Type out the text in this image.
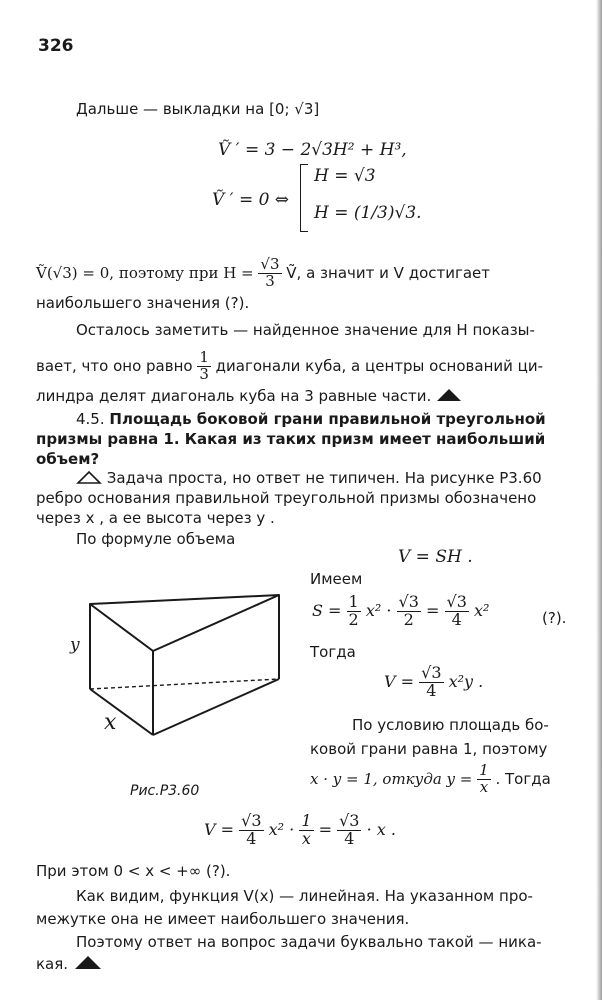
326
Дальше — выкладки на [0; √3]
Ṽ ′ = 3 − 2√3H² + H³,
Ṽ ′ = 0 ⇔
H = √3
H = (1/3)√3.
Ṽ(√3) = 0, поэтому при $H = \frac{√3}{3}$ Ṽ, а значит и V достигает
наибольшего значения (?).
Осталось заметить — найденное значение для H показы-
вает, что оно равно $\frac{1}{3}$ диагонали куба, а центры оснований ци-
линдра делят диагональ куба на 3 равные части.
4.5. Площадь боковой грани правильной треугольной
призмы равна 1. Какая из таких призм имеет наибольший
объем?
Задача проста, но ответ не типичен. На рисунке Р3.60
ребро основания правильной треугольной призмы обозначено
через x , а ее высота через y .
По формуле объема
V = SH .
Имеем
$S = \frac{1}{2} x^2 \cdot \frac{√3}{2} = \frac{√3}{4} x^2$	(?).
Тогда
$V = \frac{√3}{4} x^2y$ .
По условию площадь бо-
ковой грани равна 1, поэтому
x · y = 1, откуда $y = \frac{1}{x}$ . Тогда
y
x
Рис.Р3.60
$V = \frac{√3}{4} x^2 \cdot \frac{1}{x} = \frac{√3}{4} \cdot x$ .
При этом 0 < x < +∞ (?).
Как видим, функция V(x) — линейная. На указанном про-
межутке она не имеет наибольшего значения.
Поэтому ответ на вопрос задачи буквально такой — ника-
кая.
